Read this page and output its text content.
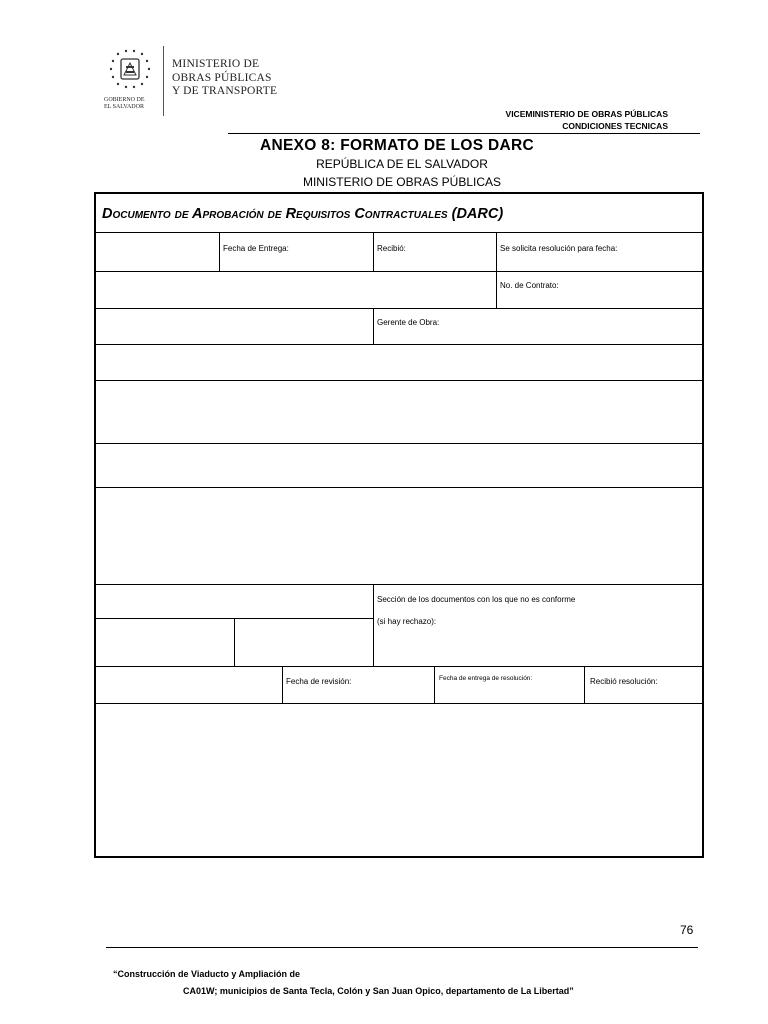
GOBIERNO DE
EL SALVADOR
MINISTERIO DE
OBRAS PÚBLICAS
Y DE TRANSPORTE
VICEMINISTERIO DE OBRAS PÚBLICAS
CONDICIONES TECNICAS
ANEXO 8: FORMATO DE LOS DARC
REPÚBLICA DE EL SALVADOR
MINISTERIO DE OBRAS PÚBLICAS
Documento de Aprobación de Requisitos Contractuales (DARC)
Fecha de Entrega:	Recibió:	Se solicita resolución para fecha:
No. de Contrato:
Gerente de Obra:
Sección de los documentos con los que no es conforme
(si hay rechazo):
Fecha de revisión:	Fecha de entrega de resolución:	Recibió resolución:
76
“Construcción de Viaducto y Ampliación de
CA01W; municipios de Santa Tecla, Colón y San Juan Opico, departamento de La Libertad”
